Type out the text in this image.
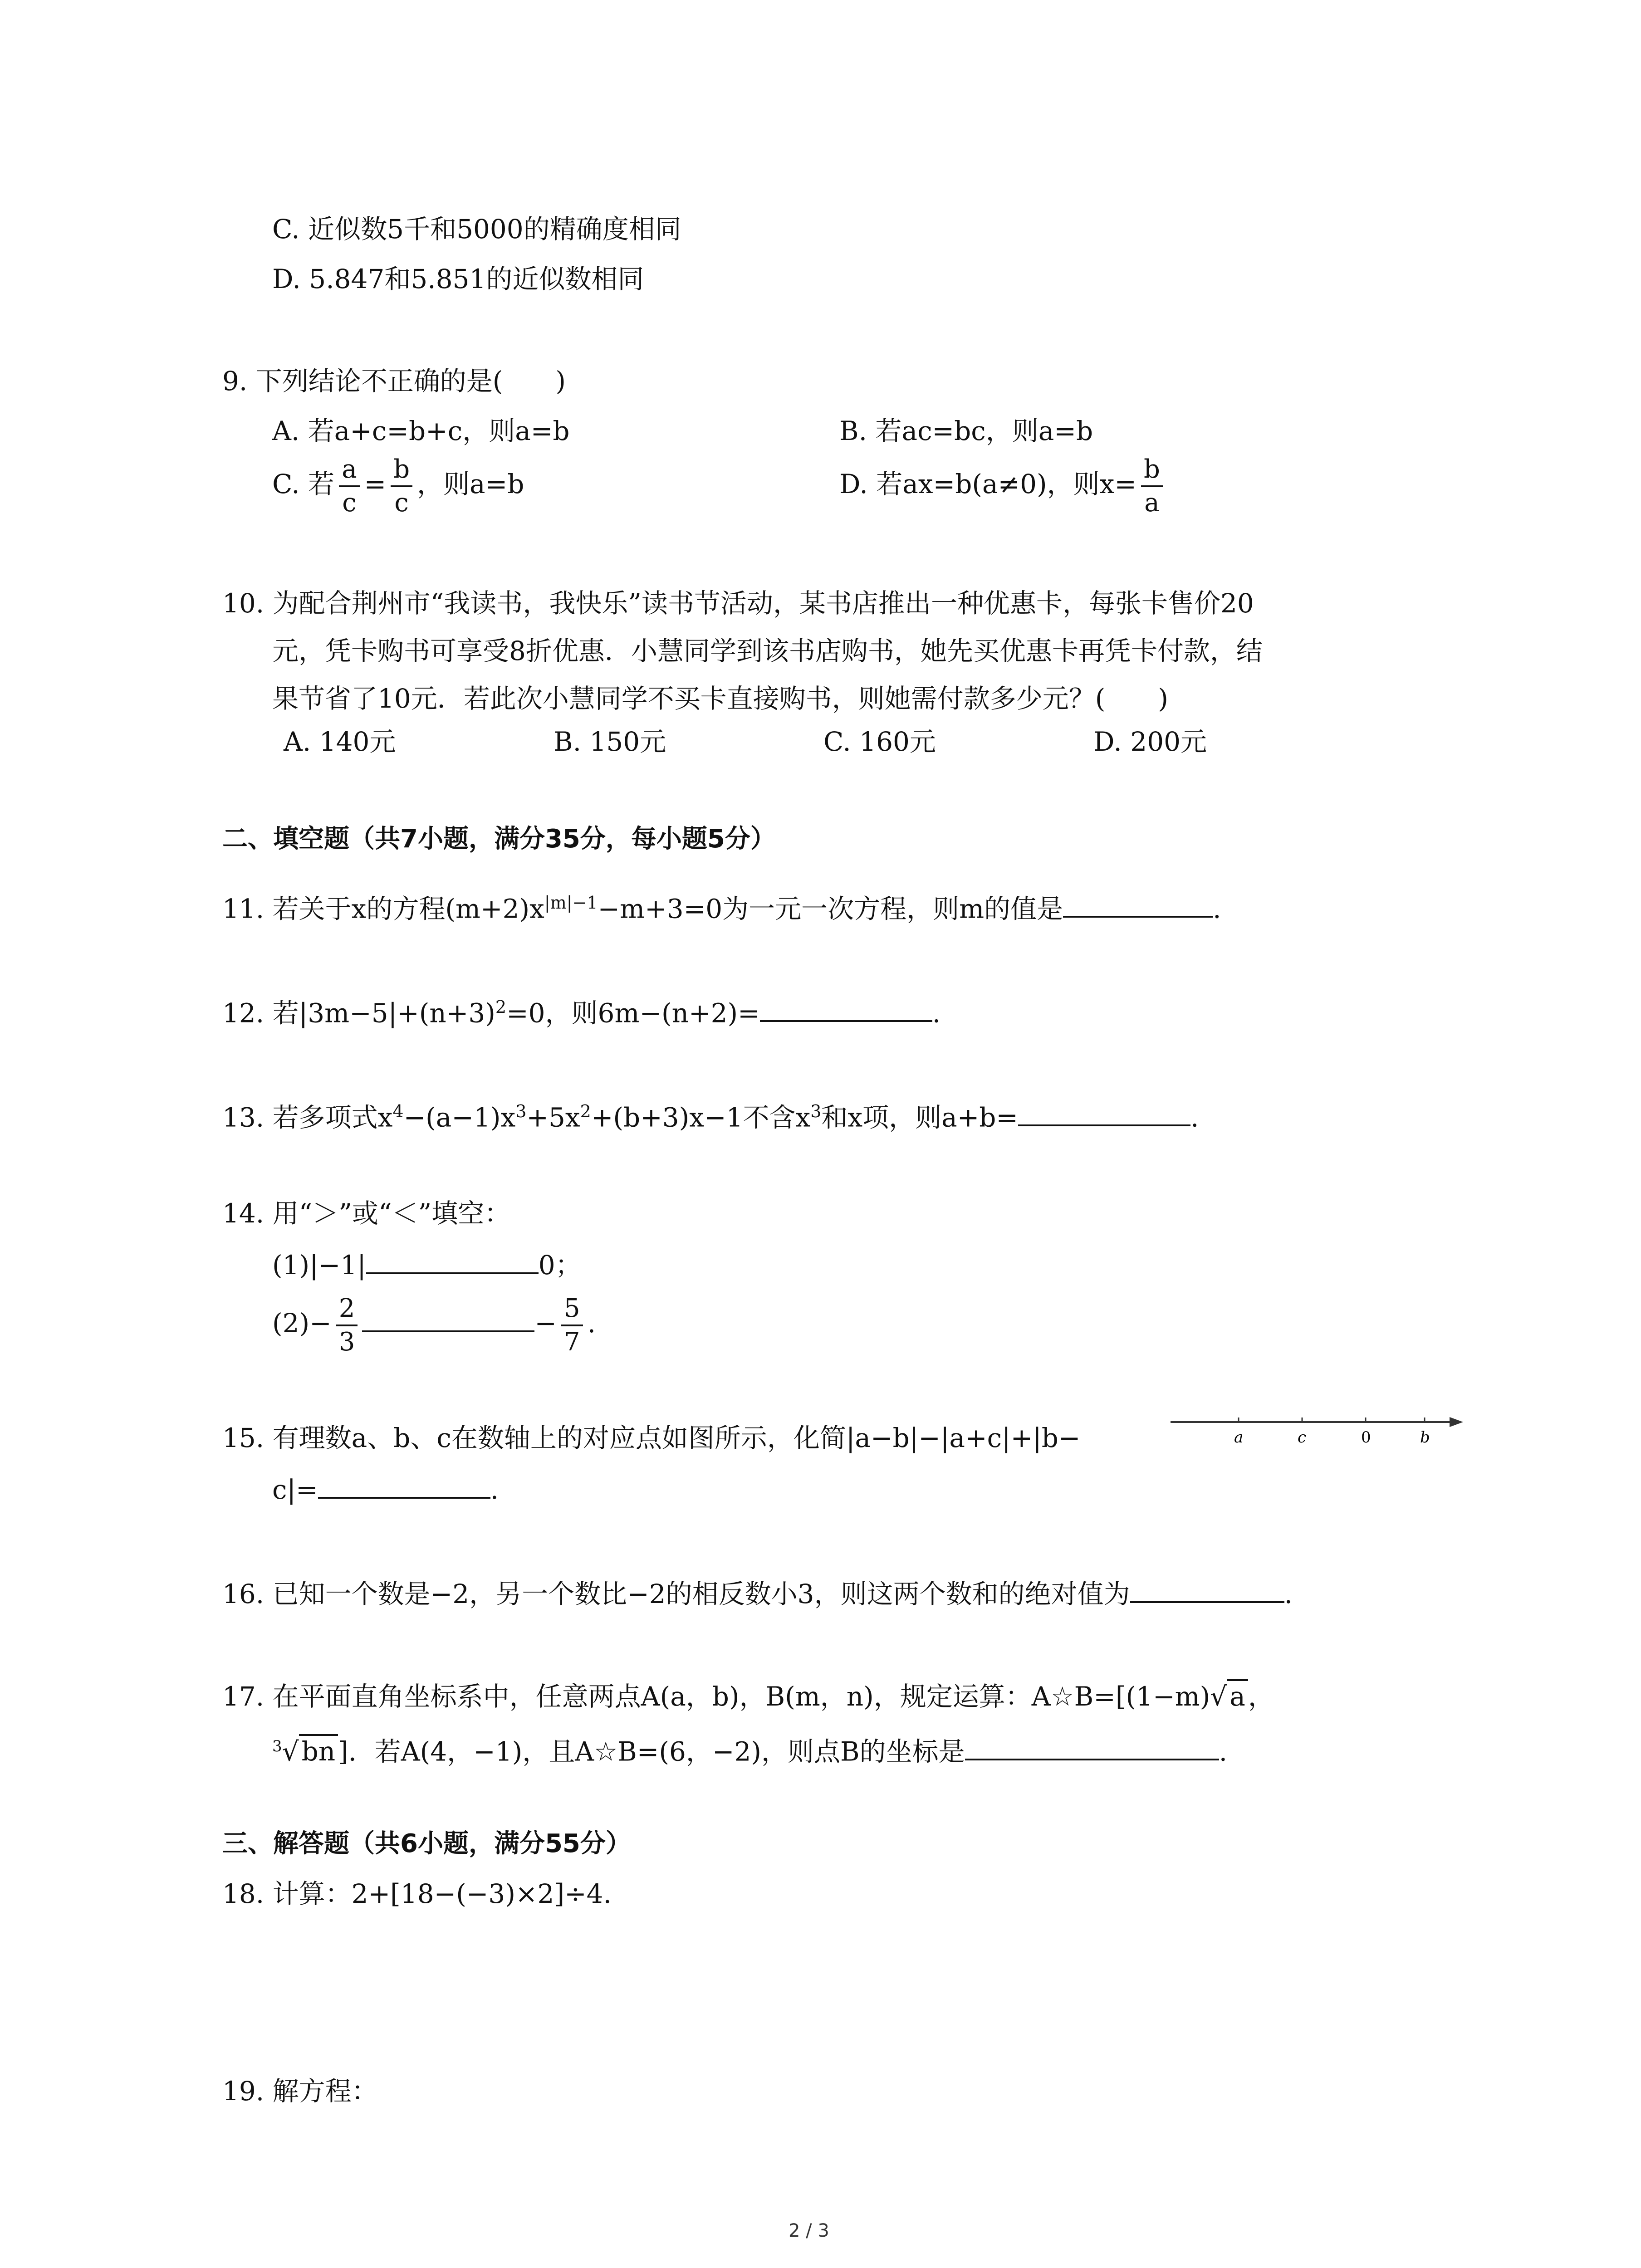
C. 近似数5千和5000的精确度相同
D. 5.847和5.851的近似数相同
9. 下列结论不正确的是(　　)
A. 若a+c=b+c，则a=b	B. 若ac=bc，则a=b
C. 若 $\frac{a}{c} = \frac{b}{c}$ ，则a=b	D. 若ax=b(a≠0)，则$x= \frac{b}{a}$
10. 为配合荆州市“我读书，我快乐”读书节活动，某书店推出一种优惠卡，每张卡售价20
元，凭卡购书可享受8折优惠．小慧同学到该书店购书，她先买优惠卡再凭卡付款，结
果节省了10元．若此次小慧同学不买卡直接购书，则她需付款多少元？(　　)
A. 140元	B. 150元	C. 160元	D. 200元
二、填空题（共7小题，满分35分，每小题5分）
11. 若关于x的方程$(m+2)x^{|m|-1}-m+3=0$为一元一次方程，则m的值是	.
12. 若$|3m-5|+(n+3)^2=0$，则6m−(n+2)=	.
13. 若多项式$x^4-(a-1)x^3+5x^2+(b+3)x-1$不含$x^3$和x项，则a+b=	.
14. 用“＞”或“＜”填空：
(1)|−1|	0；
$(2)- \frac{2}{3}$	− $\frac{5}{7}$ .
15. 有理数a、b、c在数轴上的对应点如图所示，化简|a−b|−|a+c|+|b−
c|=	.
a	c	0	b
16. 已知一个数是−2，另一个数比−2的相反数小3，则这两个数和的绝对值为	.
17. 在平面直角坐标系中，任意两点A(a，b)，B(m，n)，规定运算：A☆B=[(1−m)√ a ，
$^3$√ bn ]．若A(4，−1)，且A☆B=(6，−2)，则点B的坐标是	.
三、解答题（共6小题，满分55分）
18. 计算：2+[18−(−3)×2]÷4.
19. 解方程：
2 / 3
